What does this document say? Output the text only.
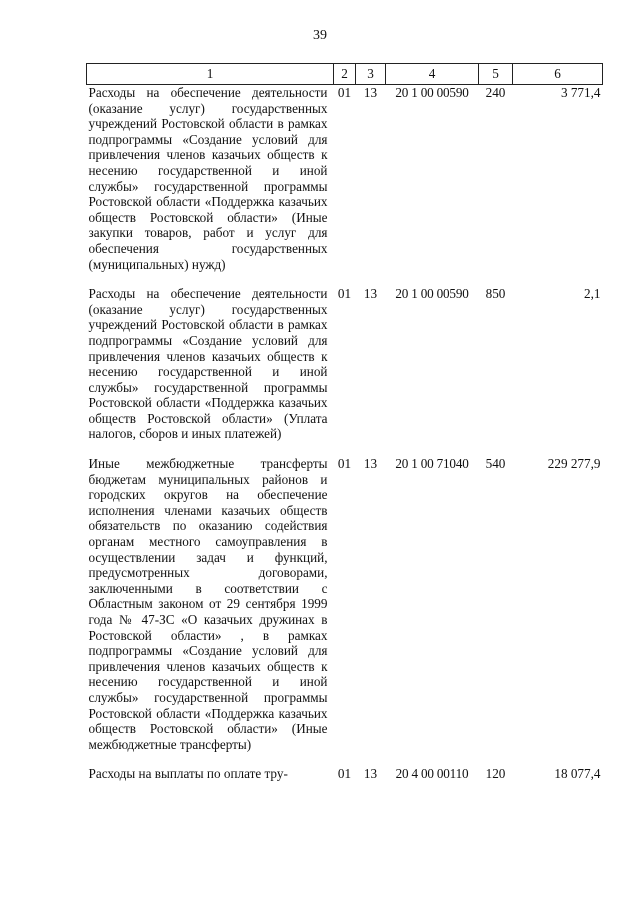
39
1	2	3	4	5	6
Расходы на обеспечение деятельности (оказание услуг) государственных учреждений Ростовской области в рамках подпрограммы «Создание условий для привлечения членов казачьих обществ к несению государственной и иной службы» государственной программы Ростовской области «Поддержка казачьих обществ Ростовской области» (Иные закупки товаров, работ и услуг для обеспечения государственных (муниципальных) нужд)	01	13	20 1 00 00590	240	3 771,4
Расходы на обеспечение деятельности (оказание услуг) государственных учреждений Ростовской области в рамках подпрограммы «Создание условий для привлечения членов казачьих обществ к несению государственной и иной службы» государственной программы Ростовской области «Поддержка казачьих обществ Ростовской области» (Уплата налогов, сборов и иных платежей)	01	13	20 1 00 00590	850	2,1
Иные межбюджетные трансферты бюджетам муниципальных районов и городских округов на обеспечение исполнения членами казачьих обществ обязательств по оказанию содействия органам местного самоуправления в осуществлении задач и функций, предусмотренных договорами, заключенными в соответствии с Областным законом от 29 сентября 1999 года № 47-ЗС «О казачьих дружинах в Ростовской области» , в рамках подпрограммы «Создание условий для привлечения членов казачьих обществ к несению государственной и иной службы» государственной программы Ростовской области «Поддержка казачьих обществ Ростовской области» (Иные межбюджетные трансферты)	01	13	20 1 00 71040	540	229 277,9
Расходы на выплаты по оплате тру-	01	13	20 4 00 00110	120	18 077,4
